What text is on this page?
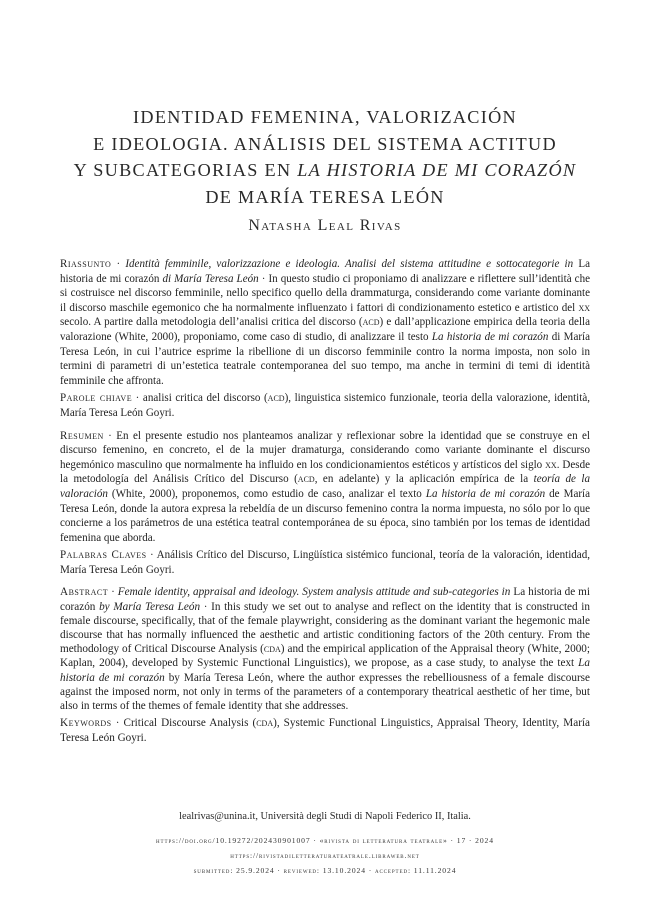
IDENTIDAD FEMENINA, VALORIZACIÓN
E IDEOLOGIA. ANÁLISIS DEL SISTEMA ACTITUD
Y SUBCATEGORIAS EN LA HISTORIA DE MI CORAZÓN
DE MARÍA TERESA LEÓN
Natasha Leal Rivas

Riassunto · Identità femminile, valorizzazione e ideologia. Analisi del sistema attitudine e sottocategorie in La historia de mi corazón di María Teresa León · In questo studio ci proponiamo di analizzare e riflettere sull’identità che si costruisce nel discorso femminile, nello specifico quello della drammaturga, considerando come variante dominante il discorso maschile egemonico che ha normalmente influenzato i fattori di condizionamento estetico e artistico del xx secolo. A partire dalla metodologia dell’analisi critica del discorso (acd) e dall’applicazione empirica della teoria della valorazione (White, 2000), proponiamo, come caso di studio, di analizzare il testo La historia de mi corazón di María Teresa León, in cui l’autrice esprime la ribellione di un discorso femminile contro la norma imposta, non solo in termini di parametri di un’estetica teatrale contemporanea del suo tempo, ma anche in termini di temi di identità femminile che affronta.

Parole chiave · analisi critica del discorso (acd), linguistica sistemico funzionale, teoria della valorazione, identità, María Teresa León Goyri.

Resumen · En el presente estudio nos planteamos analizar y reflexionar sobre la identidad que se construye en el discurso femenino, en concreto, el de la mujer dramaturga, considerando como variante dominante el discurso hegemónico masculino que normalmente ha influido en los condicionamientos estéticos y artísticos del siglo xx. Desde la metodología del Análisis Crítico del Discurso (acd, en adelante) y la aplicación empírica de la teoría de la valoración (White, 2000), proponemos, como estudio de caso, analizar el texto La historia de mi corazón de María Teresa León, donde la autora expresa la rebeldía de un discurso femenino contra la norma impuesta, no sólo por lo que concierne a los parámetros de una estética teatral contemporánea de su época, sino también por los temas de identidad femenina que aborda.

Palabras Claves · Análisis Crítico del Discurso, Lingüística sistémico funcional, teoría de la valoración, identidad, María Teresa León Goyri.

Abstract · Female identity, appraisal and ideology. System analysis attitude and sub-categories in La historia de mi corazón by María Teresa León · In this study we set out to analyse and reflect on the identity that is constructed in female discourse, specifically, that of the female playwright, considering as the dominant variant the hegemonic male discourse that has normally influenced the aesthetic and artistic conditioning factors of the 20th century. From the methodology of Critical Discourse Analysis (cda) and the empirical application of the Appraisal theory (White, 2000; Kaplan, 2004), developed by Systemic Functional Linguistics), we propose, as a case study, to analyse the text La historia de mi corazón by María Teresa León, where the author expresses the rebelliousness of a female discourse against the imposed norm, not only in terms of the parameters of a contemporary theatrical aesthetic of her time, but also in terms of the themes of female identity that she addresses.

Keywords · Critical Discourse Analysis (cda), Systemic Functional Linguistics, Appraisal Theory, Identity, María Teresa León Goyri.

lealrivas@unina.it, Università degli Studi di Napoli Federico II, Italia.
https://doi.org/10.19272/202430901007 · «rivista di letteratura teatrale» · 17 · 2024
https://rivistadiletteraturateatrale.libraweb.net
submitted: 25.9.2024 · reviewed: 13.10.2024 · accepted: 11.11.2024
